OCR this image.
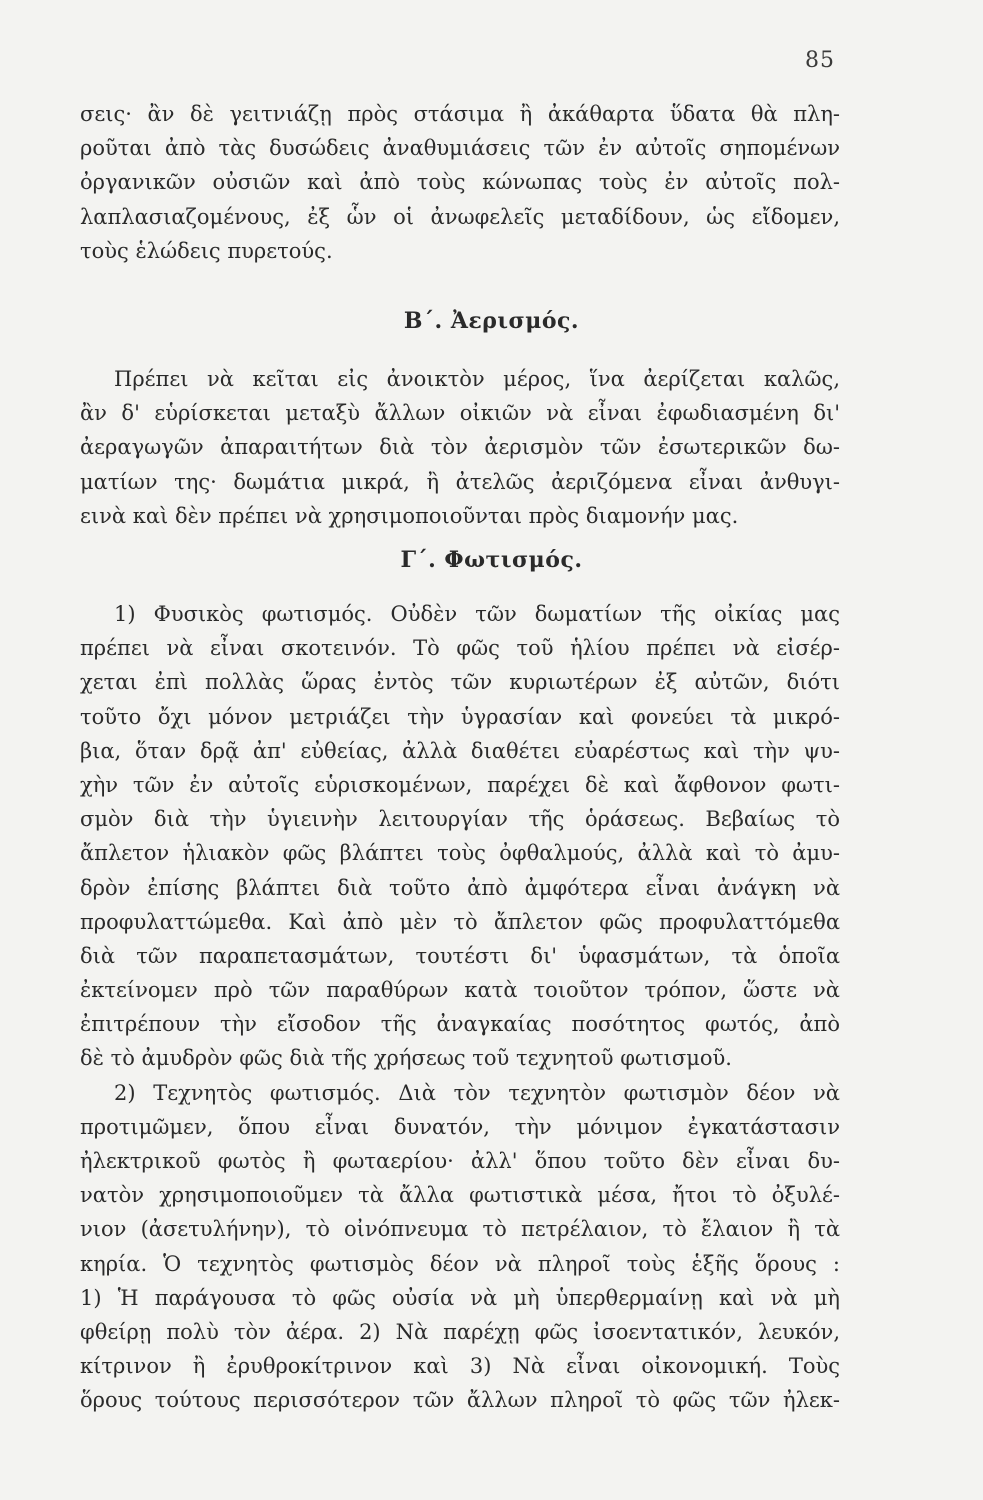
85
σεις· ἂν δὲ γειτνιάζῃ πρὸς στάσιμα ἢ ἀκάθαρτα ὕδατα θὰ πλη-
ροῦται ἀπὸ τὰς δυσώδεις ἀναθυμιάσεις τῶν ἐν αὐτοῖς σηπομένων
ὀργανικῶν οὐσιῶν καὶ ἀπὸ τοὺς κώνωπας τοὺς ἐν αὐτοῖς πολ-
λαπλασιαζομένους, ἐξ ὧν οἱ ἀνωφελεῖς μεταδίδουν, ὡς εἴδομεν,
τοὺς ἑλώδεις πυρετούς.
Β΄. Ἀερισμός.
Πρέπει νὰ κεῖται εἰς ἀνοικτὸν μέρος, ἵνα ἀερίζεται καλῶς,
ἂν δ' εὑρίσκεται μεταξὺ ἄλλων οἰκιῶν νὰ εἶναι ἐφωδιασμένη δι'
ἀεραγωγῶν ἀπαραιτήτων διὰ τὸν ἀερισμὸν τῶν ἐσωτερικῶν δω-
ματίων της· δωμάτια μικρά, ἢ ἀτελῶς ἀεριζόμενα εἶναι ἀνθυγι-
εινὰ καὶ δὲν πρέπει νὰ χρησιμοποιοῦνται πρὸς διαμονήν μας.
Γ΄. Φωτισμός.
1) Φυσικὸς φωτισμός. Οὐδὲν τῶν δωματίων τῆς οἰκίας μας
πρέπει νὰ εἶναι σκοτεινόν. Τὸ φῶς τοῦ ἡλίου πρέπει νὰ εἰσέρ-
χεται ἐπὶ πολλὰς ὥρας ἐντὸς τῶν κυριωτέρων ἐξ αὐτῶν, διότι
τοῦτο ὄχι μόνον μετριάζει τὴν ὑγρασίαν καὶ φονεύει τὰ μικρό-
βια, ὅταν δρᾷ ἀπ' εὐθείας, ἀλλὰ διαθέτει εὐαρέστως καὶ τὴν ψυ-
χὴν τῶν ἐν αὐτοῖς εὑρισκομένων, παρέχει δὲ καὶ ἄφθονον φωτι-
σμὸν διὰ τὴν ὑγιεινὴν λειτουργίαν τῆς ὁράσεως. Βεβαίως τὸ
ἄπλετον ἡλιακὸν φῶς βλάπτει τοὺς ὀφθαλμούς, ἀλλὰ καὶ τὸ ἀμυ-
δρὸν ἐπίσης βλάπτει διὰ τοῦτο ἀπὸ ἀμφότερα εἶναι ἀνάγκη νὰ
προφυλαττώμεθα. Καὶ ἀπὸ μὲν τὸ ἄπλετον φῶς προφυλαττόμεθα
διὰ τῶν παραπετασμάτων, τουτέστι δι' ὑφασμάτων, τὰ ὁποῖα
ἐκτείνομεν πρὸ τῶν παραθύρων κατὰ τοιοῦτον τρόπον, ὥστε νὰ
ἐπιτρέπουν τὴν εἴσοδον τῆς ἀναγκαίας ποσότητος φωτός, ἀπὸ
δὲ τὸ ἀμυδρὸν φῶς διὰ τῆς χρήσεως τοῦ τεχνητοῦ φωτισμοῦ.
2) Τεχνητὸς φωτισμός. Διὰ τὸν τεχνητὸν φωτισμὸν δέον νὰ
προτιμῶμεν, ὅπου εἶναι δυνατόν, τὴν μόνιμον ἐγκατάστασιν
ἠλεκτρικοῦ φωτὸς ἢ φωταερίου· ἀλλ' ὅπου τοῦτο δὲν εἶναι δυ-
νατὸν χρησιμοποιοῦμεν τὰ ἄλλα φωτιστικὰ μέσα, ἤτοι τὸ ὀξυλέ-
νιον (ἀσετυλήνην), τὸ οἰνόπνευμα τὸ πετρέλαιον, τὸ ἔλαιον ἢ τὰ
κηρία. Ὁ τεχνητὸς φωτισμὸς δέον νὰ πληροῖ τοὺς ἑξῆς ὅρους :
1) Ἡ παράγουσα τὸ φῶς οὐσία νὰ μὴ ὑπερθερμαίνῃ καὶ νὰ μὴ
φθείρῃ πολὺ τὸν ἀέρα. 2) Νὰ παρέχῃ φῶς ἰσοεντατικόν, λευκόν,
κίτρινον ἢ ἐρυθροκίτρινον καὶ 3) Νὰ εἶναι οἰκονομική. Τοὺς
ὅρους τούτους περισσότερον τῶν ἄλλων πληροῖ τὸ φῶς τῶν ἠλεκ-
